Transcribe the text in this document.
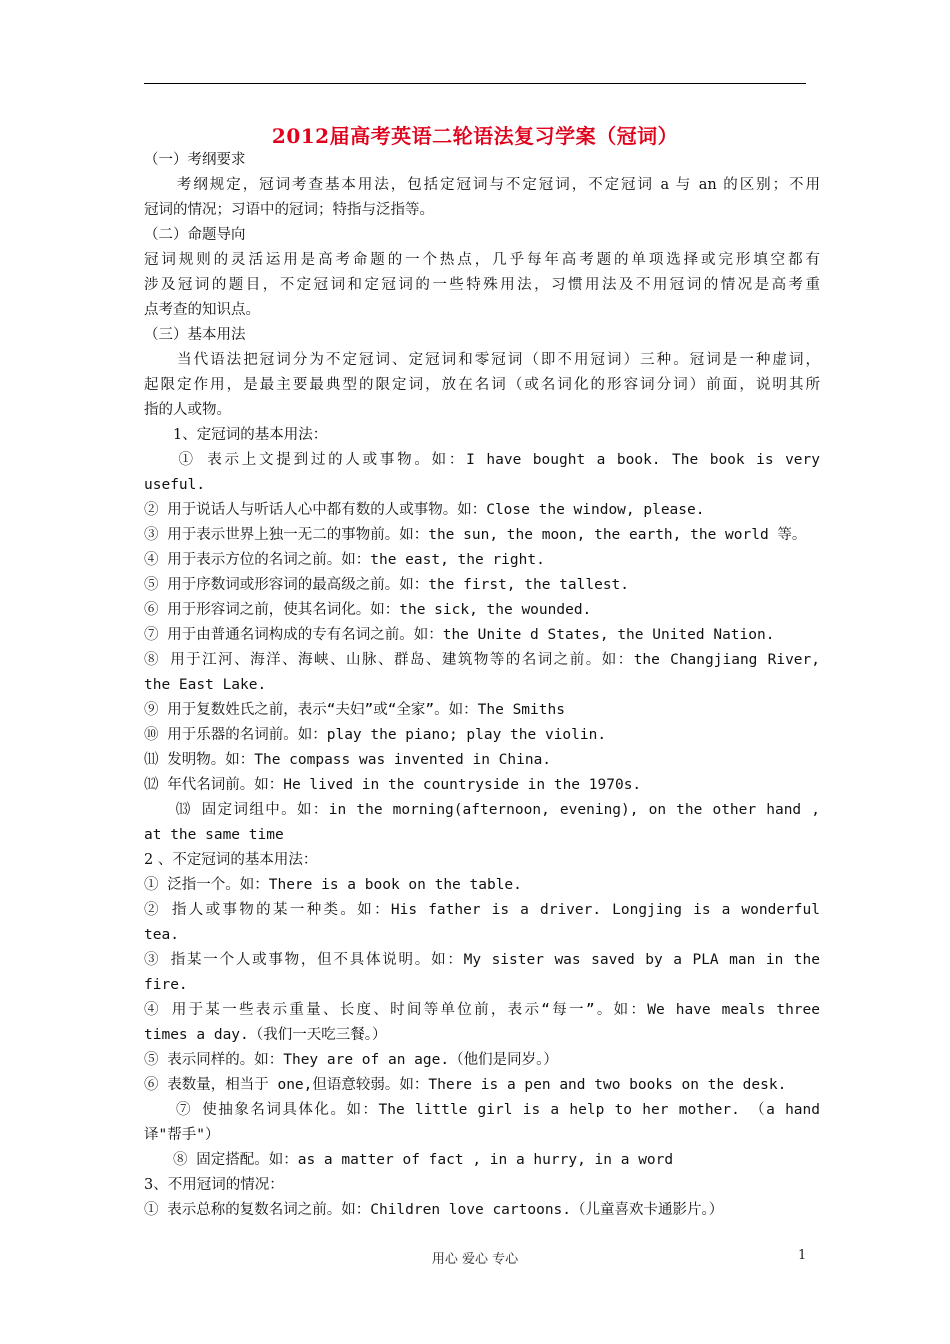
2012届高考英语二轮语法复习学案（冠词）
（一）考纲要求
　　考纲规定，冠词考查基本用法，包括定冠词与不定冠词，不定冠词 a 与 an 的区别；不用
冠词的情况；习语中的冠词；特指与泛指等。
（二）命题导向
冠词规则的灵活运用是高考命题的一个热点，几乎每年高考题的单项选择或完形填空都有
涉及冠词的题目，不定冠词和定冠词的一些特殊用法，习惯用法及不用冠词的情况是高考重
点考查的知识点。
（三）基本用法
　　当代语法把冠词分为不定冠词、定冠词和零冠词（即不用冠词）三种。冠词是一种虚词，
起限定作用，是最主要最典型的限定词，放在名词（或名词化的形容词分词）前面，说明其所
指的人或物。
　　1、定冠词的基本用法：
　　① 表示上文提到过的人或事物。如：I have bought a book. The book is very
useful.
② 用于说话人与听话人心中都有数的人或事物。如：Close the window, please.
③ 用于表示世界上独一无二的事物前。如：the sun, the moon, the earth, the world 等。
④ 用于表示方位的名词之前。如：the east, the right.
⑤ 用于序数词或形容词的最高级之前。如：the first, the tallest.
⑥ 用于形容词之前，使其名词化。如：the sick, the wounded.
⑦ 用于由普通名词构成的专有名词之前。如：the Unite d States, the United Nation.
⑧ 用于江河、海洋、海峡、山脉、群岛、建筑物等的名词之前。如：the Changjiang River,
the East Lake.
⑨ 用于复数姓氏之前，表示“夫妇”或“全家”。如：The Smiths
⑩ 用于乐器的名词前。如：play the piano; play the violin.
⑾ 发明物。如：The compass was invented in China.
⑿ 年代名词前。如：He lived in the countryside in the 1970s.
　　⒀ 固定词组中。如：in the morning(afternoon, evening), on the other hand ,
at the same time
2 、不定冠词的基本用法：
① 泛指一个。如：There is a book on the table.
② 指人或事物的某一种类。如：His father is a driver. Longjing is a wonderful
tea.
③ 指某一个人或事物，但不具体说明。如：My sister was saved by a PLA man in the
fire.
④ 用于某一些表示重量、长度、时间等单位前，表示“每一”。如：We have meals three
times a day.（我们一天吃三餐。）
⑤ 表示同样的。如：They are of an age.（他们是同岁。）
⑥ 表数量，相当于 one,但语意较弱。如：There is a pen and two books on the desk.
　　⑦ 使抽象名词具体化。如：The little girl is a help to her mother. （a hand
译"帮手"）
　　⑧ 固定搭配。如：as a matter of fact , in a hurry, in a word
3、不用冠词的情况：
① 表示总称的复数名词之前。如：Children love cartoons.（儿童喜欢卡通影片。）
用心 爱心 专心	1
